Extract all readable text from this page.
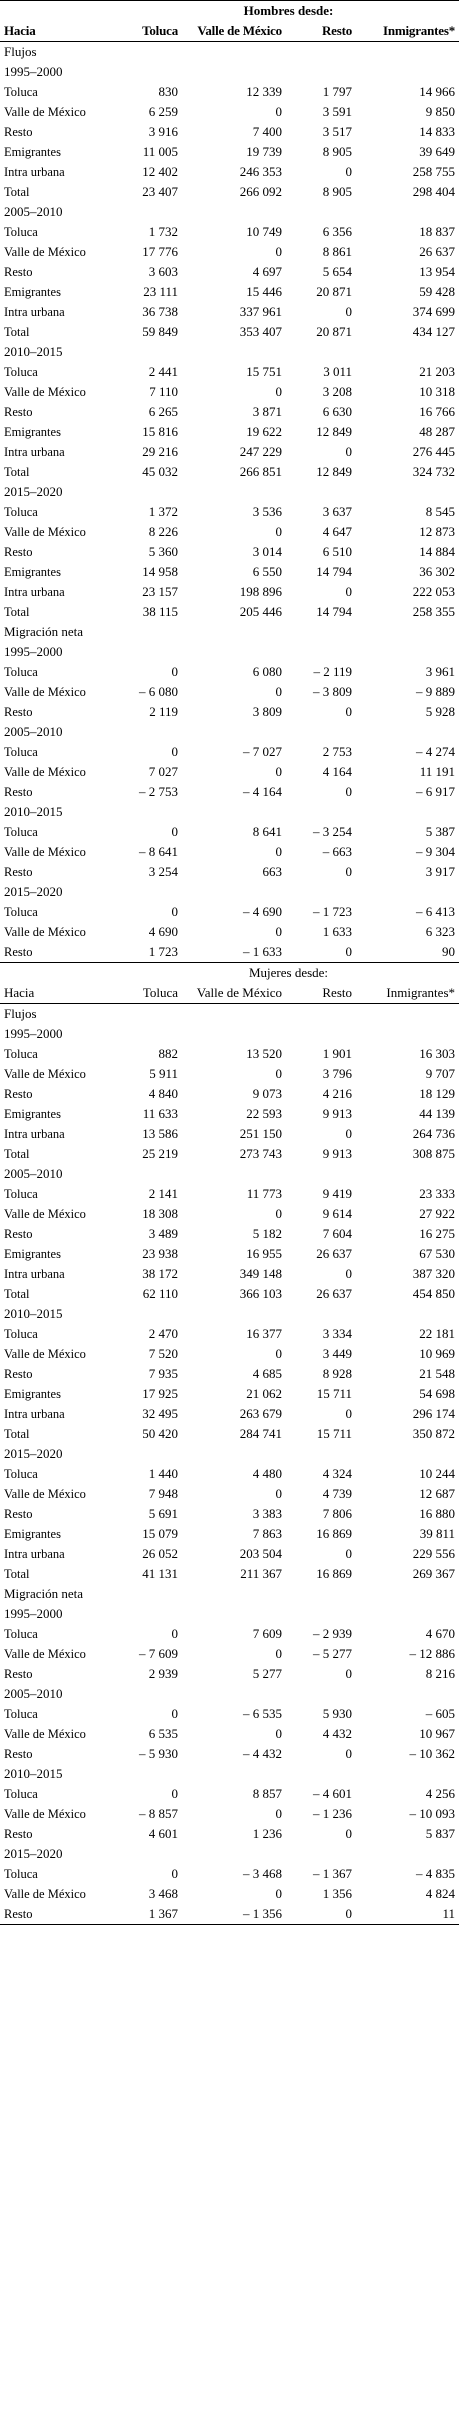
	Hombres desde:			
Hacia	Toluca	Valle de México	Resto	Inmigrantes*
Flujos				
1995–2000				
Toluca	830	12 339	1 797	14 966
Valle de México	6 259	0	3 591	9 850
Resto	3 916	7 400	3 517	14 833
Emigrantes	11 005	19 739	8 905	39 649
Intra urbana	12 402	246 353	0	258 755
Total	23 407	266 092	8 905	298 404
2005–2010				
Toluca	1 732	10 749	6 356	18 837
Valle de México	17 776	0	8 861	26 637
Resto	3 603	4 697	5 654	13 954
Emigrantes	23 111	15 446	20 871	59 428
Intra urbana	36 738	337 961	0	374 699
Total	59 849	353 407	20 871	434 127
2010–2015				
Toluca	2 441	15 751	3 011	21 203
Valle de México	7 110	0	3 208	10 318
Resto	6 265	3 871	6 630	16 766
Emigrantes	15 816	19 622	12 849	48 287
Intra urbana	29 216	247 229	0	276 445
Total	45 032	266 851	12 849	324 732
2015–2020				
Toluca	1 372	3 536	3 637	8 545
Valle de México	8 226	0	4 647	12 873
Resto	5 360	3 014	6 510	14 884
Emigrantes	14 958	6 550	14 794	36 302
Intra urbana	23 157	198 896	0	222 053
Total	38 115	205 446	14 794	258 355
Migración neta				
1995–2000				
Toluca	0	6 080	– 2 119	3 961
Valle de México	– 6 080	0	– 3 809	– 9 889
Resto	2 119	3 809	0	5 928
2005–2010				
Toluca	0	– 7 027	2 753	– 4 274
Valle de México	7 027	0	4 164	11 191
Resto	– 2 753	– 4 164	0	– 6 917
2010–2015				
Toluca	0	8 641	– 3 254	5 387
Valle de México	– 8 641	0	– 663	– 9 304
Resto	3 254	663	0	3 917
2015–2020				
Toluca	0	– 4 690	– 1 723	– 6 413
Valle de México	4 690	0	1 633	6 323
Resto	1 723	– 1 633	0	90
	Mujeres desde:			
Hacia	Toluca	Valle de México	Resto	Inmigrantes*
Flujos				
1995–2000				
Toluca	882	13 520	1 901	16 303
Valle de México	5 911	0	3 796	9 707
Resto	4 840	9 073	4 216	18 129
Emigrantes	11 633	22 593	9 913	44 139
Intra urbana	13 586	251 150	0	264 736
Total	25 219	273 743	9 913	308 875
2005–2010				
Toluca	2 141	11 773	9 419	23 333
Valle de México	18 308	0	9 614	27 922
Resto	3 489	5 182	7 604	16 275
Emigrantes	23 938	16 955	26 637	67 530
Intra urbana	38 172	349 148	0	387 320
Total	62 110	366 103	26 637	454 850
2010–2015				
Toluca	2 470	16 377	3 334	22 181
Valle de México	7 520	0	3 449	10 969
Resto	7 935	4 685	8 928	21 548
Emigrantes	17 925	21 062	15 711	54 698
Intra urbana	32 495	263 679	0	296 174
Total	50 420	284 741	15 711	350 872
2015–2020				
Toluca	1 440	4 480	4 324	10 244
Valle de México	7 948	0	4 739	12 687
Resto	5 691	3 383	7 806	16 880
Emigrantes	15 079	7 863	16 869	39 811
Intra urbana	26 052	203 504	0	229 556
Total	41 131	211 367	16 869	269 367
Migración neta				
1995–2000				
Toluca	0	7 609	– 2 939	4 670
Valle de México	– 7 609	0	– 5 277	– 12 886
Resto	2 939	5 277	0	8 216
2005–2010				
Toluca	0	– 6 535	5 930	– 605
Valle de México	6 535	0	4 432	10 967
Resto	– 5 930	– 4 432	0	– 10 362
2010–2015				
Toluca	0	8 857	– 4 601	4 256
Valle de México	– 8 857	0	– 1 236	– 10 093
Resto	4 601	1 236	0	5 837
2015–2020				
Toluca	0	– 3 468	– 1 367	– 4 835
Valle de México	3 468	0	1 356	4 824
Resto	1 367	– 1 356	0	11
